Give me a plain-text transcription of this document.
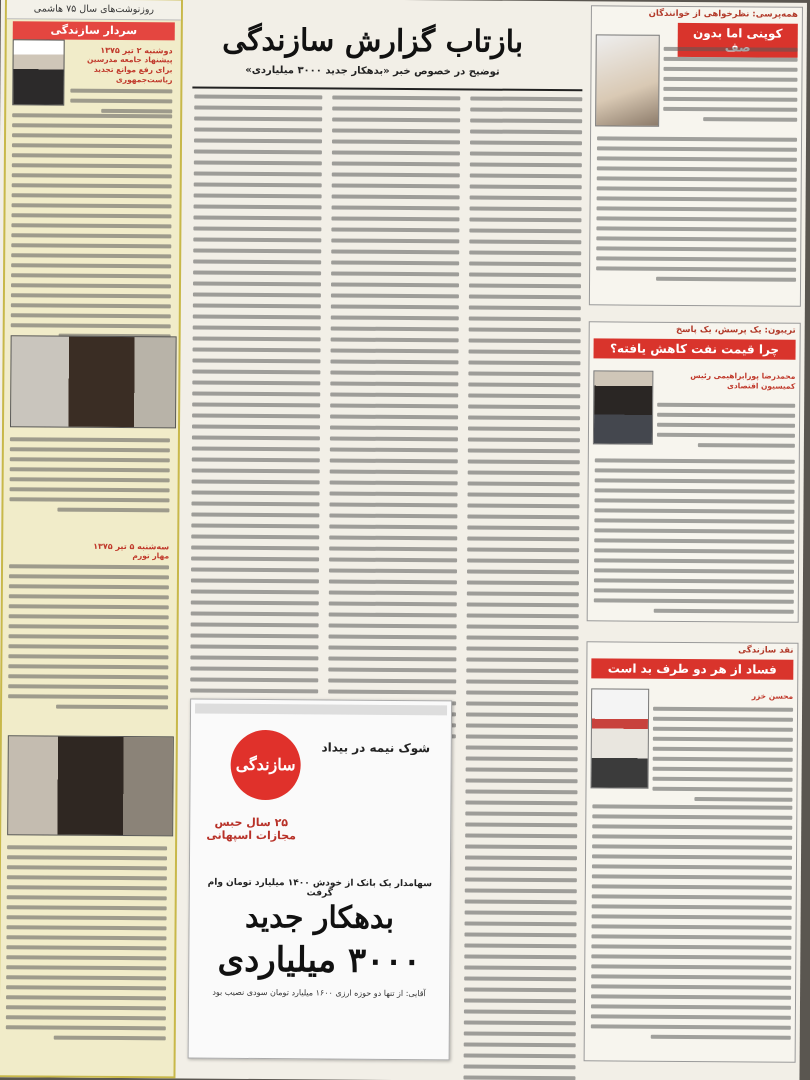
روزنوشت‌های سال ۷۵ هاشمی
سردار سازندگی
دوشنبه ۲ تیر ۱۳۷۵
پیشنهاد جامعه مدرسین برای رفع موانع تجدید ریاست‌جمهوری
سه‌شنبه ۵ تیر ۱۳۷۵
مهار تورم
بازتاب گزارش سازندگی
توضیح در خصوص خبر «بدهکار جدید ۳۰۰۰ میلیاردی»
سازندگی
شوک نیمه در بیداد
۲۵ سال حبس مجازات اسپهانی
سهامدار یک بانک از خودش ۱۴۰۰ میلیارد تومان وام گرفت
بدهکار جدید
۳۰۰۰ میلیاردی
آقایی: از تنها دو حوزه ارزی ۱۶۰۰ میلیارد تومان سودی نصیب بود
همه‌پرسی: نظرخواهی از خوانندگان
کوپنی اما بدون
تریبون: یک پرسش، یک پاسخ
چرا قیمت نفت کاهش یافته؟
محمدرضا پورابراهیمی رئیس کمیسیون اقتصادی
نقد سازندگی
فساد از هر دو طرف بد است
محسن خزر
